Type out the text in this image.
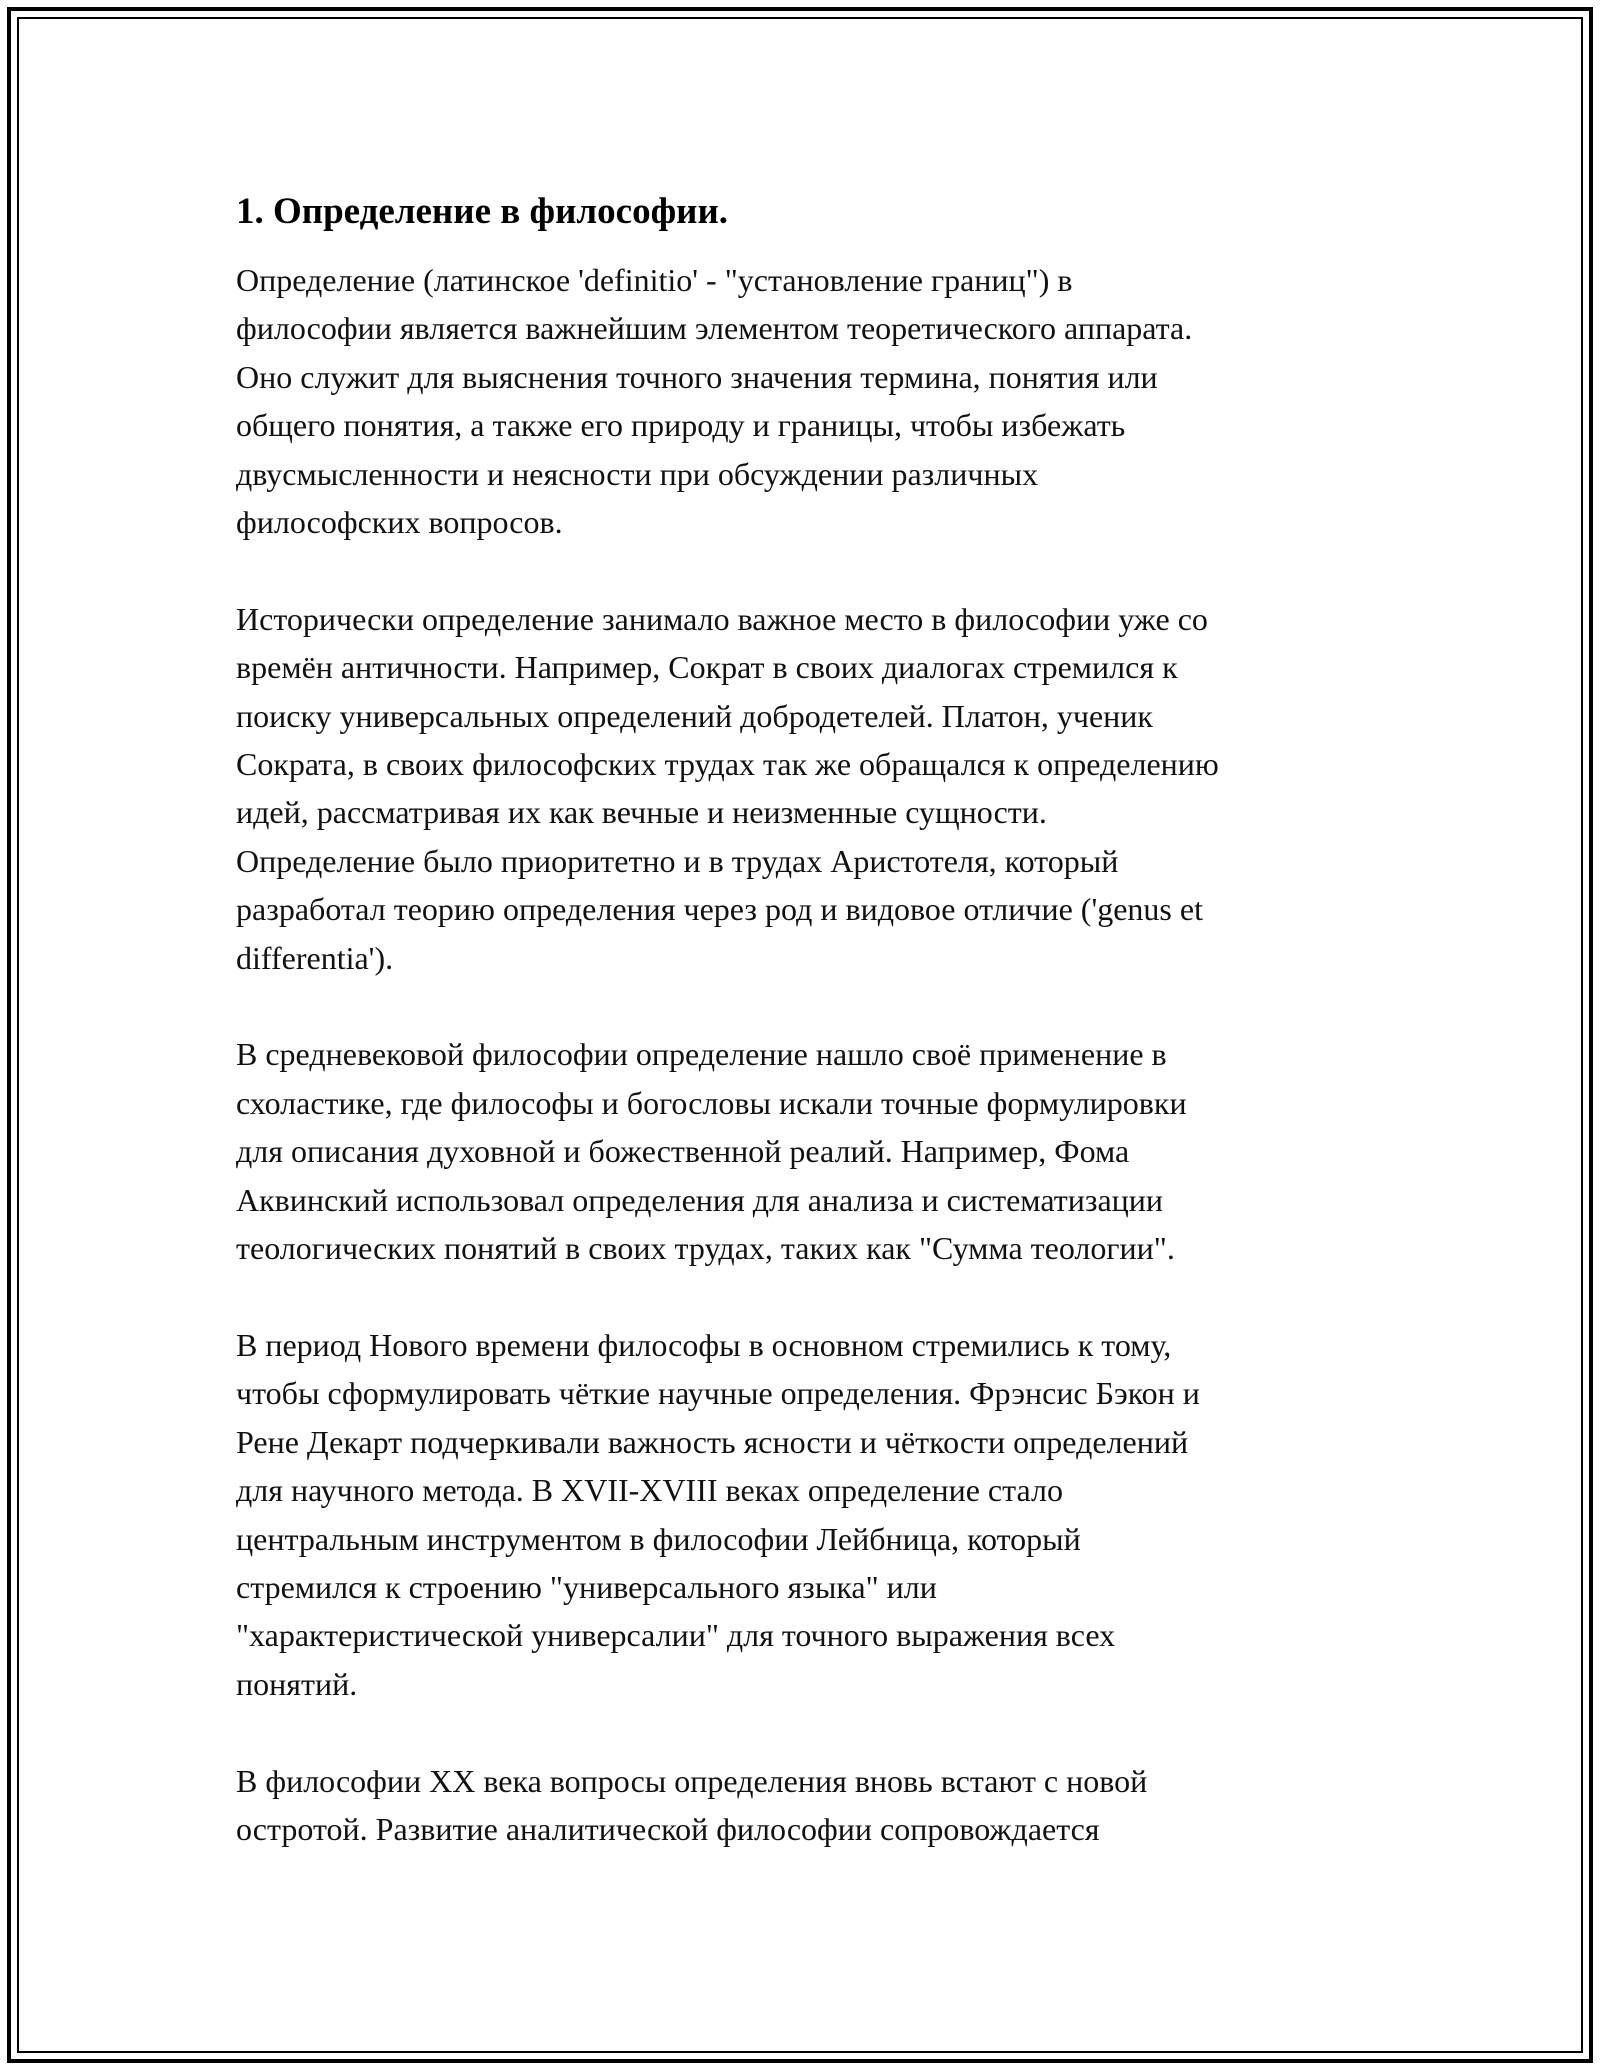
1. Определение в философии.

Определение (латинское 'definitio' - "установление границ") в
философии является важнейшим элементом теоретического аппарата.
Оно служит для выяснения точного значения термина, понятия или
общего понятия, а также его природу и границы, чтобы избежать
двусмысленности и неясности при обсуждении различных
философских вопросов.

Исторически определение занимало важное место в философии уже со
времён античности. Например, Сократ в своих диалогах стремился к
поиску универсальных определений добродетелей. Платон, ученик
Сократа, в своих философских трудах так же обращался к определению
идей, рассматривая их как вечные и неизменные сущности.
Определение было приоритетно и в трудах Аристотеля, который
разработал теорию определения через род и видовое отличие ('genus et
differentia').

В средневековой философии определение нашло своё применение в
схоластике, где философы и богословы искали точные формулировки
для описания духовной и божественной реалий. Например, Фома
Аквинский использовал определения для анализа и систематизации
теологических понятий в своих трудах, таких как "Сумма теологии".

В период Нового времени философы в основном стремились к тому,
чтобы сформулировать чёткие научные определения. Фрэнсис Бэкон и
Рене Декарт подчеркивали важность ясности и чёткости определений
для научного метода. В XVII-XVIII веках определение стало
центральным инструментом в философии Лейбница, который
стремился к строению "универсального языка" или
"характеристической универсалии" для точного выражения всех
понятий.

В философии XX века вопросы определения вновь встают с новой
остротой. Развитие аналитической философии сопровождается
